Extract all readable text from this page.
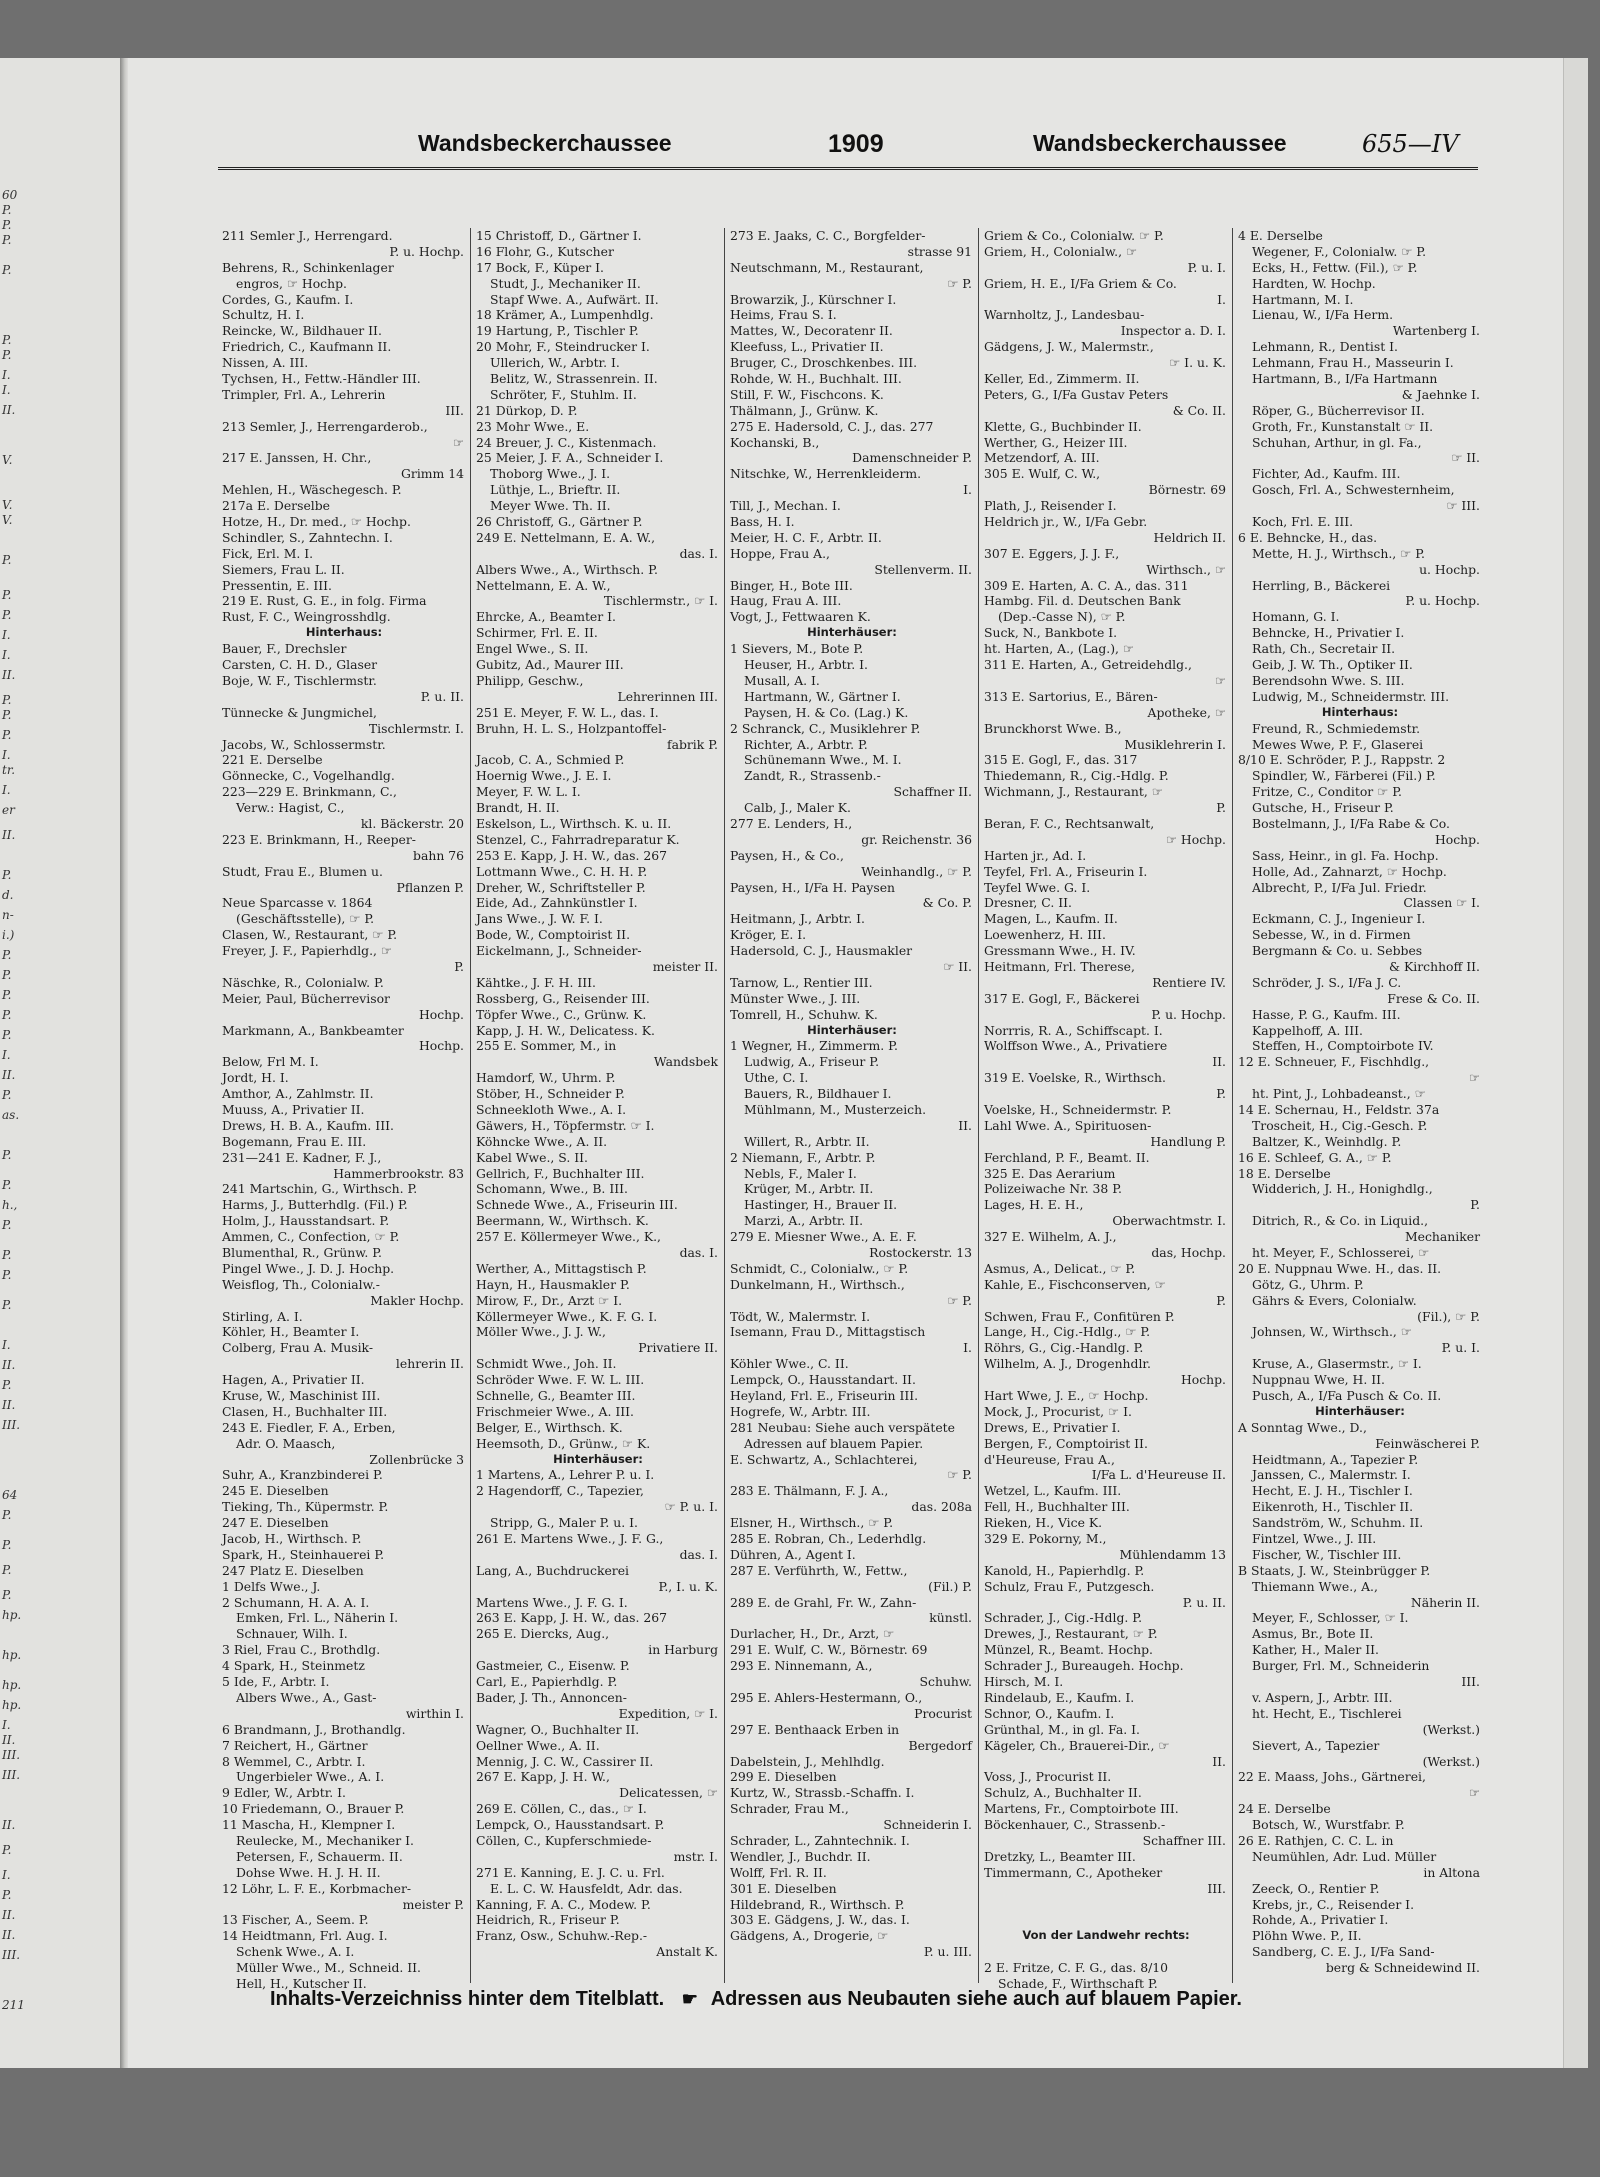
60
P.
P.
P.
P.
P.
P.
I.
I.
II.
V.
V.
V.
P.
P.
P.
I.
I.
II.
P.
P.
P.
I.
tr.
I.
er
II.
P.
d.
n-
i.)
P.
P.
P.
P.
P.
I.
II.
P.
as.
P.
P.
h.,
P.
P.
P.
P.
I.
II.
P.
II.
III.
64
P.
P.
P.
P.
hp.
hp.
hp.
hp.
I.
II.
III.
III.
II.
P.
I.
P.
II.
II.
III.
211
Wandsbeckerchaussee	1909	Wandsbeckerchaussee	655—IV
211 Semler J., Herrengard.
P. u. Hochp.
Behrens, R., Schinkenlager
engros, ☞ Hochp.
Cordes, G., Kaufm. I.
Schultz, H. I.
Reincke, W., Bildhauer II.
Friedrich, C., Kaufmann II.
Nissen, A. III.
Tychsen, H., Fettw.-Händler III.
Trimpler, Frl. A., Lehrerin
III.
213 Semler, J., Herrengarderob.,
☞
217 E. Janssen, H. Chr.,
Grimm 14
Mehlen, H., Wäschegesch. P.
217a E. Derselbe
Hotze, H., Dr. med., ☞ Hochp.
Schindler, S., Zahntechn. I.
Fick, Erl. M. I.
Siemers, Frau L. II.
Pressentin, E. III.
219 E. Rust, G. E., in folg. Firma
Rust, F. C., Weingrosshdlg.
Hinterhaus:
Bauer, F., Drechsler
Carsten, C. H. D., Glaser
Boje, W. F., Tischlermstr.
P. u. II.
Tünnecke & Jungmichel,
Tischlermstr. I.
Jacobs, W., Schlossermstr.
221 E. Derselbe
Gönnecke, C., Vogelhandlg.
223—229 E. Brinkmann, C.,
Verw.: Hagist, C.,
kl. Bäckerstr. 20
223 E. Brinkmann, H., Reeper-
bahn 76
Studt, Frau E., Blumen u.
Pflanzen P.
Neue Sparcasse v. 1864
(Geschäftsstelle), ☞ P.
Clasen, W., Restaurant, ☞ P.
Freyer, J. F., Papierhdlg., ☞
P.
Näschke, R., Colonialw. P.
Meier, Paul, Bücherrevisor
Hochp.
Markmann, A., Bankbeamter
Hochp.
Below, Frl M. I.
Jordt, H. I.
Amthor, A., Zahlmstr. II.
Muuss, A., Privatier II.
Drews, H. B. A., Kaufm. III.
Bogemann, Frau E. III.
231—241 E. Kadner, F. J.,
Hammerbrookstr. 83
241 Martschin, G., Wirthsch. P.
Harms, J., Butterhdlg. (Fil.) P.
Holm, J., Hausstandsart. P.
Ammen, C., Confection, ☞ P.
Blumenthal, R., Grünw. P.
Pingel Wwe., J. D. J. Hochp.
Weisflog, Th., Colonialw.-
Makler Hochp.
Stirling, A. I.
Köhler, H., Beamter I.
Colberg, Frau A. Musik-
lehrerin II.
Hagen, A., Privatier II.
Kruse, W., Maschinist III.
Clasen, H., Buchhalter III.
243 E. Fiedler, F. A., Erben,
Adr. O. Maasch,
Zollenbrücke 3
Suhr, A., Kranzbinderei P.
245 E. Dieselben
Tieking, Th., Küpermstr. P.
247 E. Dieselben
Jacob, H., Wirthsch. P.
Spark, H., Steinhauerei P.
247 Platz E. Dieselben
1 Delfs Wwe., J.
2 Schumann, H. A. A. I.
Emken, Frl. L., Näherin I.
Schnauer, Wilh. I.
3 Riel, Frau C., Brothdlg.
4 Spark, H., Steinmetz
5 Ide, F., Arbtr. I.
Albers Wwe., A., Gast-
wirthin I.
6 Brandmann, J., Brothandlg.
7 Reichert, H., Gärtner
8 Wemmel, C., Arbtr. I.
Ungerbieler Wwe., A. I.
9 Edler, W., Arbtr. I.
10 Friedemann, O., Brauer P.
11 Mascha, H., Klempner I.
Reulecke, M., Mechaniker I.
Petersen, F., Schauerm. II.
Dohse Wwe. H. J. H. II.
12 Löhr, L. F. E., Korbmacher-
meister P.
13 Fischer, A., Seem. P.
14 Heidtmann, Frl. Aug. I.
Schenk Wwe., A. I.
Müller Wwe., M., Schneid. II.
Hell, H., Kutscher II.
15 Christoff, D., Gärtner I.
16 Flohr, G., Kutscher
17 Bock, F., Küper I.
Studt, J., Mechaniker II.
Stapf Wwe. A., Aufwärt. II.
18 Krämer, A., Lumpenhdlg.
19 Hartung, P., Tischler P.
20 Mohr, F., Steindrucker I.
Ullerich, W., Arbtr. I.
Belitz, W., Strassenrein. II.
Schröter, F., Stuhlm. II.
21 Dürkop, D. P.
23 Mohr Wwe., E.
24 Breuer, J. C., Kistenmach.
25 Meier, J. F. A., Schneider I.
Thoborg Wwe., J. I.
Lüthje, L., Brieftr. II.
Meyer Wwe. Th. II.
26 Christoff, G., Gärtner P.
249 E. Nettelmann, E. A. W.,
das. I.
Albers Wwe., A., Wirthsch. P.
Nettelmann, E. A. W.,
Tischlermstr., ☞ I.
Ehrcke, A., Beamter I.
Schirmer, Frl. E. II.
Engel Wwe., S. II.
Gubitz, Ad., Maurer III.
Philipp, Geschw.,
Lehrerinnen III.
251 E. Meyer, F. W. L., das. I.
Bruhn, H. L. S., Holzpantoffel-
fabrik P.
Jacob, C. A., Schmied P.
Hoernig Wwe., J. E. I.
Meyer, F. W. L. I.
Brandt, H. II.
Eskelson, L., Wirthsch. K. u. II.
Stenzel, C., Fahrradreparatur K.
253 E. Kapp, J. H. W., das. 267
Lottmann Wwe., C. H. H. P.
Dreher, W., Schriftsteller P.
Eide, Ad., Zahnkünstler I.
Jans Wwe., J. W. F. I.
Bode, W., Comptoirist II.
Eickelmann, J., Schneider-
meister II.
Kähtke., J. F. H. III.
Rossberg, G., Reisender III.
Töpfer Wwe., C., Grünw. K.
Kapp, J. H. W., Delicatess. K.
255 E. Sommer, M., in
Wandsbek
Hamdorf, W., Uhrm. P.
Stöber, H., Schneider P.
Schneekloth Wwe., A. I.
Gäwers, H., Töpfermstr. ☞ I.
Köhncke Wwe., A. II.
Kabel Wwe., S. II.
Gellrich, F., Buchhalter III.
Schomann, Wwe., B. III.
Schnede Wwe., A., Friseurin III.
Beermann, W., Wirthsch. K.
257 E. Köllermeyer Wwe., K.,
das. I.
Werther, A., Mittagstisch P.
Hayn, H., Hausmakler P.
Mirow, F., Dr., Arzt ☞ I.
Köllermeyer Wwe., K. F. G. I.
Möller Wwe., J. J. W.,
Privatiere II.
Schmidt Wwe., Joh. II.
Schröder Wwe. F. W. L. III.
Schnelle, G., Beamter III.
Frischmeier Wwe., A. III.
Belger, E., Wirthsch. K.
Heemsoth, D., Grünw., ☞ K.
Hinterhäuser:
1 Martens, A., Lehrer P. u. I.
2 Hagendorff, C., Tapezier,
☞ P. u. I.
Stripp, G., Maler P. u. I.
261 E. Martens Wwe., J. F. G.,
das. I.
Lang, A., Buchdruckerei
P., I. u. K.
Martens Wwe., J. F. G. I.
263 E. Kapp, J. H. W., das. 267
265 E. Diercks, Aug.,
in Harburg
Gastmeier, C., Eisenw. P.
Carl, E., Papierhdlg. P.
Bader, J. Th., Annoncen-
Expedition, ☞ I.
Wagner, O., Buchhalter II.
Oellner Wwe., A. II.
Mennig, J. C. W., Cassirer II.
267 E. Kapp, J. H. W.,
Delicatessen, ☞
269 E. Cöllen, C., das., ☞ I.
Lempck, O., Hausstandsart. P.
Cöllen, C., Kupferschmiede-
mstr. I.
271 E. Kanning, E. J. C. u. Frl.
E. L. C. W. Hausfeldt, Adr. das.
Kanning, F. A. C., Modew. P.
Heidrich, R., Friseur P.
Franz, Osw., Schuhw.-Rep.-
Anstalt K.
273 E. Jaaks, C. C., Borgfelder-
strasse 91
Neutschmann, M., Restaurant,
☞ P.
Browarzik, J., Kürschner I.
Heims, Frau S. I.
Mattes, W., Decoratenr II.
Kleefuss, L., Privatier II.
Bruger, C., Droschkenbes. III.
Rohde, W. H., Buchhalt. III.
Still, F. W., Fischcons. K.
Thälmann, J., Grünw. K.
275 E. Hadersold, C. J., das. 277
Kochanski, B.,
Damenschneider P.
Nitschke, W., Herrenkleiderm.
I.
Till, J., Mechan. I.
Bass, H. I.
Meier, H. C. F., Arbtr. II.
Hoppe, Frau A.,
Stellenverm. II.
Binger, H., Bote III.
Haug, Frau A. III.
Vogt, J., Fettwaaren K.
Hinterhäuser:
1 Sievers, M., Bote P.
Heuser, H., Arbtr. I.
Musall, A. I.
Hartmann, W., Gärtner I.
Paysen, H. & Co. (Lag.) K.
2 Schranck, C., Musiklehrer P.
Richter, A., Arbtr. P.
Schünemann Wwe., M. I.
Zandt, R., Strassenb.-
Schaffner II.
Calb, J., Maler K.
277 E. Lenders, H.,
gr. Reichenstr. 36
Paysen, H., & Co.,
Weinhandlg., ☞ P.
Paysen, H., I/Fa H. Paysen
& Co. P.
Heitmann, J., Arbtr. I.
Kröger, E. I.
Hadersold, C. J., Hausmakler
☞ II.
Tarnow, L., Rentier III.
Münster Wwe., J. III.
Tomrell, H., Schuhw. K.
Hinterhäuser:
1 Wegner, H., Zimmerm. P.
Ludwig, A., Friseur P.
Uthe, C. I.
Bauers, R., Bildhauer I.
Mühlmann, M., Musterzeich.
II.
Willert, R., Arbtr. II.
2 Niemann, F., Arbtr. P.
Nebls, F., Maler I.
Krüger, M., Arbtr. II.
Hastinger, H., Brauer II.
Marzi, A., Arbtr. II.
279 E. Miesner Wwe., A. E. F.
Rostockerstr. 13
Schmidt, C., Colonialw., ☞ P.
Dunkelmann, H., Wirthsch.,
☞ P.
Tödt, W., Malermstr. I.
Isemann, Frau D., Mittagstisch
I.
Köhler Wwe., C. II.
Lempck, O., Hausstandart. II.
Heyland, Frl. E., Friseurin III.
Hogrefe, W., Arbtr. III.
281 Neubau: Siehe auch verspätete
Adressen auf blauem Papier.
E. Schwartz, A., Schlachterei,
☞ P.
283 E. Thälmann, F. J. A.,
das. 208a
Elsner, H., Wirthsch., ☞ P.
285 E. Robran, Ch., Lederhdlg.
Dühren, A., Agent I.
287 E. Verführth, W., Fettw.,
(Fil.) P.
289 E. de Grahl, Fr. W., Zahn-
künstl.
Durlacher, H., Dr., Arzt, ☞
291 E. Wulf, C. W., Börnestr. 69
293 E. Ninnemann, A.,
Schuhw.
295 E. Ahlers-Hestermann, O.,
Procurist
297 E. Benthaack Erben in
Bergedorf
Dabelstein, J., Mehlhdlg.
299 E. Dieselben
Kurtz, W., Strassb.-Schaffn. I.
Schrader, Frau M.,
Schneiderin I.
Schrader, L., Zahntechnik. I.
Wendler, J., Buchdr. II.
Wolff, Frl. R. II.
301 E. Dieselben
Hildebrand, R., Wirthsch. P.
303 E. Gädgens, J. W., das. I.
Gädgens, A., Drogerie, ☞
P. u. III.
Griem & Co., Colonialw. ☞ P.
Griem, H., Colonialw., ☞
P. u. I.
Griem, H. E., I/Fa Griem & Co.
I.
Warnholtz, J., Landesbau-
Inspector a. D. I.
Gädgens, J. W., Malermstr.,
☞ I. u. K.
Keller, Ed., Zimmerm. II.
Peters, G., I/Fa Gustav Peters
& Co. II.
Klette, G., Buchbinder II.
Werther, G., Heizer III.
Metzendorf, A. III.
305 E. Wulf, C. W.,
Börnestr. 69
Plath, J., Reisender I.
Heldrich jr., W., I/Fa Gebr.
Heldrich II.
307 E. Eggers, J. J. F.,
Wirthsch., ☞
309 E. Harten, A. C. A., das. 311
Hambg. Fil. d. Deutschen Bank
(Dep.-Casse N), ☞ P.
Suck, N., Bankbote I.
ht. Harten, A., (Lag.), ☞
311 E. Harten, A., Getreidehdlg.,
☞
313 E. Sartorius, E., Bären-
Apotheke, ☞
Brunckhorst Wwe. B.,
Musiklehrerin I.
315 E. Gogl, F., das. 317
Thiedemann, R., Cig.-Hdlg. P.
Wichmann, J., Restaurant, ☞
P.
Beran, F. C., Rechtsanwalt,
☞ Hochp.
Harten jr., Ad. I.
Teyfel, Frl. A., Friseurin I.
Teyfel Wwe. G. I.
Dresner, C. II.
Magen, L., Kaufm. II.
Loewenherz, H. III.
Gressmann Wwe., H. IV.
Heitmann, Frl. Therese,
Rentiere IV.
317 E. Gogl, F., Bäckerei
P. u. Hochp.
Norrris, R. A., Schiffscapt. I.
Wolffson Wwe., A., Privatiere
II.
319 E. Voelske, R., Wirthsch.
P.
Voelske, H., Schneidermstr. P.
Lahl Wwe. A., Spirituosen-
Handlung P.
Ferchland, P. F., Beamt. II.
325 E. Das Aerarium
Polizeiwache Nr. 38 P.
Lages, H. E. H.,
Oberwachtmstr. I.
327 E. Wilhelm, A. J.,
das, Hochp.
Asmus, A., Delicat., ☞ P.
Kahle, E., Fischconserven, ☞
P.
Schwen, Frau F., Confitüren P.
Lange, H., Cig.-Hdlg., ☞ P.
Röhrs, G., Cig.-Handlg. P.
Wilhelm, A. J., Drogenhdlr.
Hochp.
Hart Wwe, J. E., ☞ Hochp.
Mock, J., Procurist, ☞ I.
Drews, E., Privatier I.
Bergen, F., Comptoirist II.
d'Heureuse, Frau A.,
I/Fa L. d'Heureuse II.
Wetzel, L., Kaufm. III.
Fell, H., Buchhalter III.
Rieken, H., Vice K.
329 E. Pokorny, M.,
Mühlendamm 13
Kanold, H., Papierhdlg. P.
Schulz, Frau F., Putzgesch.
P. u. II.
Schrader, J., Cig.-Hdlg. P.
Drewes, J., Restaurant, ☞ P.
Münzel, R., Beamt. Hochp.
Schrader J., Bureaugeh. Hochp.
Hirsch, M. I.
Rindelaub, E., Kaufm. I.
Schnor, O., Kaufm. I.
Grünthal, M., in gl. Fa. I.
Kägeler, Ch., Brauerei-Dir., ☞
II.
Voss, J., Procurist II.
Schulz, A., Buchhalter II.
Martens, Fr., Comptoirbote III.
Böckenhauer, C., Strassenb.-
Schaffner III.
Dretzky, L., Beamter III.
Timmermann, C., Apotheker
III.
Von der Landwehr rechts:
2 E. Fritze, C. F. G., das. 8/10
Schade, F., Wirthschaft P.
4 E. Derselbe
Wegener, F., Colonialw. ☞ P.
Ecks, H., Fettw. (Fil.), ☞ P.
Hardten, W. Hochp.
Hartmann, M. I.
Lienau, W., I/Fa Herm.
Wartenberg I.
Lehmann, R., Dentist I.
Lehmann, Frau H., Masseurin I.
Hartmann, B., I/Fa Hartmann
& Jaehnke I.
Röper, G., Bücherrevisor II.
Groth, Fr., Kunstanstalt ☞ II.
Schuhan, Arthur, in gl. Fa.,
☞ II.
Fichter, Ad., Kaufm. III.
Gosch, Frl. A., Schwesternheim,
☞ III.
Koch, Frl. E. III.
6 E. Behncke, H., das.
Mette, H. J., Wirthsch., ☞ P.
u. Hochp.
Herrling, B., Bäckerei
P. u. Hochp.
Homann, G. I.
Behncke, H., Privatier I.
Rath, Ch., Secretair II.
Geib, J. W. Th., Optiker II.
Berendsohn Wwe. S. III.
Ludwig, M., Schneidermstr. III.
Hinterhaus:
Freund, R., Schmiedemstr.
Mewes Wwe, P. F., Glaserei
8/10 E. Schröder, P. J., Rappstr. 2
Spindler, W., Färberei (Fil.) P.
Fritze, C., Conditor ☞ P.
Gutsche, H., Friseur P.
Bostelmann, J., I/Fa Rabe & Co.
Hochp.
Sass, Heinr., in gl. Fa. Hochp.
Holle, Ad., Zahnarzt, ☞ Hochp.
Albrecht, P., I/Fa Jul. Friedr.
Classen ☞ I.
Eckmann, C. J., Ingenieur I.
Sebesse, W., in d. Firmen
Bergmann & Co. u. Sebbes
& Kirchhoff II.
Schröder, J. S., I/Fa J. C.
Frese & Co. II.
Hasse, P. G., Kaufm. III.
Kappelhoff, A. III.
Steffen, H., Comptoirbote IV.
12 E. Schneuer, F., Fischhdlg.,
☞
ht. Pint, J., Lohbadeanst., ☞
14 E. Schernau, H., Feldstr. 37a
Troscheit, H., Cig.-Gesch. P.
Baltzer, K., Weinhdlg. P.
16 E. Schleef, G. A., ☞ P.
18 E. Derselbe
Widderich, J. H., Honighdlg.,
P.
Ditrich, R., & Co. in Liquid.,
Mechaniker
ht. Meyer, F., Schlosserei, ☞
20 E. Nuppnau Wwe. H., das. II.
Götz, G., Uhrm. P.
Gährs & Evers, Colonialw.
(Fil.), ☞ P.
Johnsen, W., Wirthsch., ☞
P. u. I.
Kruse, A., Glasermstr., ☞ I.
Nuppnau Wwe, H. II.
Pusch, A., I/Fa Pusch & Co. II.
Hinterhäuser:
A Sonntag Wwe., D.,
Feinwäscherei P.
Heidtmann, A., Tapezier P.
Janssen, C., Malermstr. I.
Hecht, E. J. H., Tischler I.
Eikenroth, H., Tischler II.
Sandström, W., Schuhm. II.
Fintzel, Wwe., J. III.
Fischer, W., Tischler III.
B Staats, J. W., Steinbrügger P.
Thiemann Wwe., A.,
Näherin II.
Meyer, F., Schlosser, ☞ I.
Asmus, Br., Bote II.
Kather, H., Maler II.
Burger, Frl. M., Schneiderin
III.
v. Aspern, J., Arbtr. III.
ht. Hecht, E., Tischlerei
(Werkst.)
Sievert, A., Tapezier
(Werkst.)
22 E. Maass, Johs., Gärtnerei,
☞
24 E. Derselbe
Botsch, W., Wurstfabr. P.
26 E. Rathjen, C. C. L. in
Neumühlen, Adr. Lud. Müller
in Altona
Zeeck, O., Rentier P.
Krebs, jr., C., Reisender I.
Rohde, A., Privatier I.
Plöhn Wwe. P., II.
Sandberg, C. E. J., I/Fa Sand-
berg & Schneidewind II.
Inhalts-Verzeichniss hinter dem Titelblatt. ☛ Adressen aus Neubauten siehe auch auf blauem Papier.
